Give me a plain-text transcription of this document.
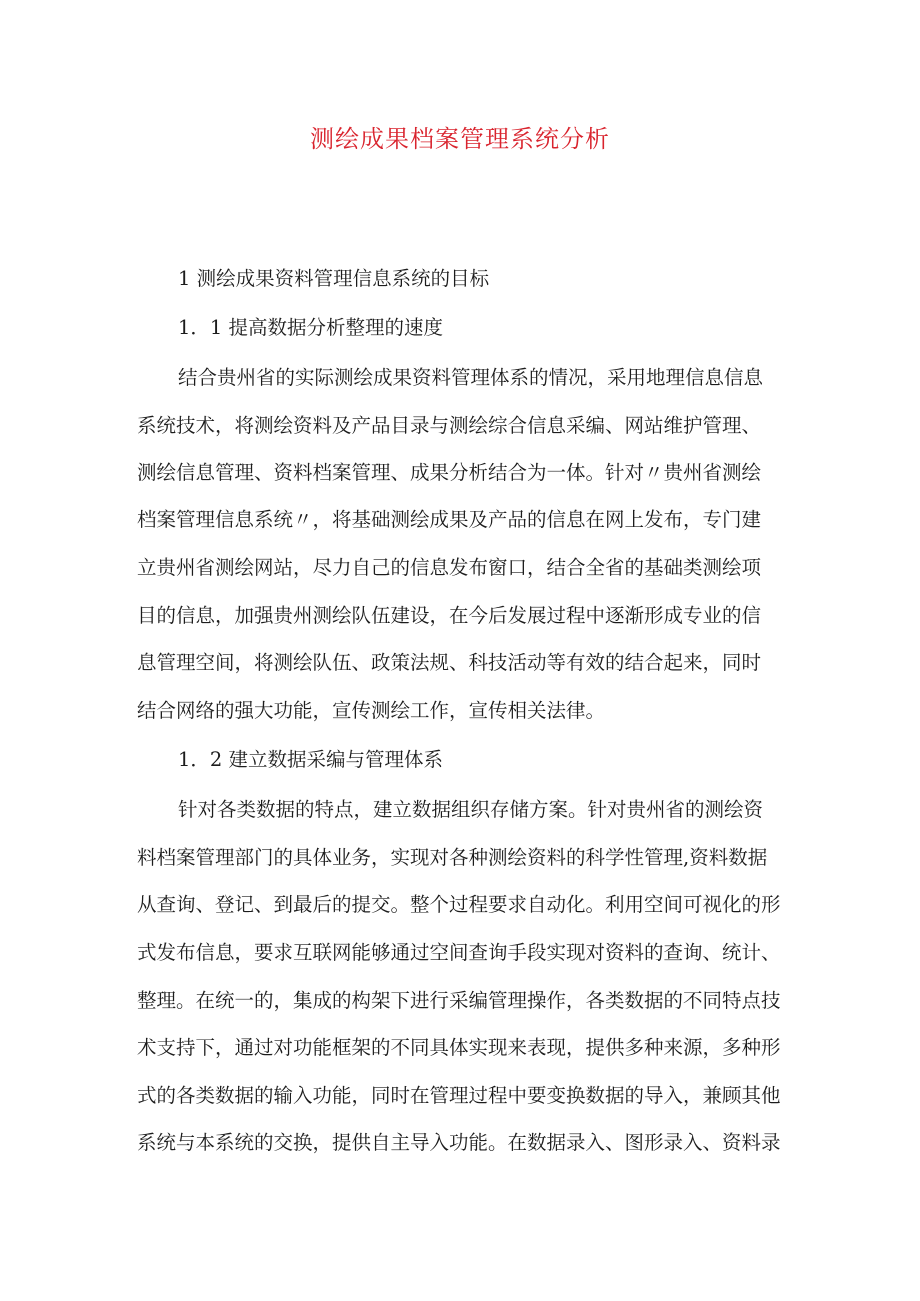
测绘成果档案管理系统分析
1 测绘成果资料管理信息系统的目标
1．1 提高数据分析整理的速度
结合贵州省的实际测绘成果资料管理体系的情况，采用地理信息信息
系统技术，将测绘资料及产品目录与测绘综合信息采编、网站维护管理、
测绘信息管理、资料档案管理、成果分析结合为一体。针对〃贵州省测绘
档案管理信息系统〃，将基础测绘成果及产品的信息在网上发布，专门建
立贵州省测绘网站，尽力自己的信息发布窗口，结合全省的基础类测绘项
目的信息，加强贵州测绘队伍建设，在今后发展过程中逐渐形成专业的信
息管理空间，将测绘队伍、政策法规、科技活动等有效的结合起来，同时
结合网络的强大功能，宣传测绘工作，宣传相关法律。
1．2 建立数据采编与管理体系
针对各类数据的特点，建立数据组织存储方案。针对贵州省的测绘资
料档案管理部门的具体业务，实现对各种测绘资料的科学性管理,资料数据
从查询、登记、到最后的提交。整个过程要求自动化。利用空间可视化的形
式发布信息，要求互联网能够通过空间查询手段实现对资料的查询、统计、
整理。在统一的，集成的构架下进行采编管理操作，各类数据的不同特点技
术支持下，通过对功能框架的不同具体实现来表现，提供多种来源，多种形
式的各类数据的输入功能，同时在管理过程中要变换数据的导入，兼顾其他
系统与本系统的交换，提供自主导入功能。在数据录入、图形录入、资料录
